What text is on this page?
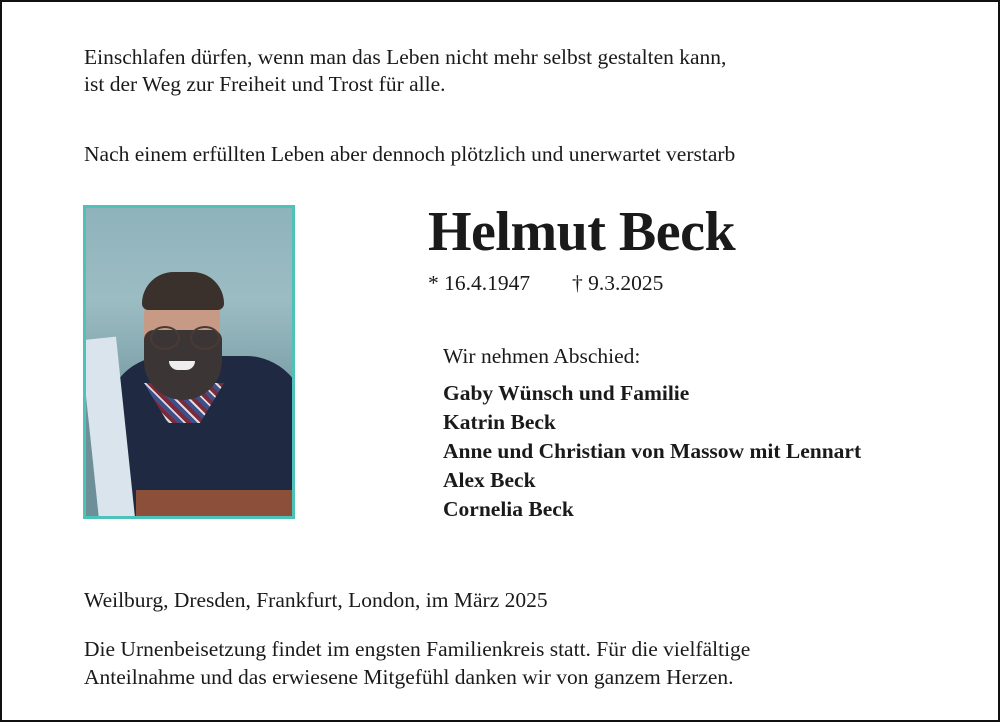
Einschlafen dürfen, wenn man das Leben nicht mehr selbst gestalten kann,
ist der Weg zur Freiheit und Trost für alle.
Nach einem erfüllten Leben aber dennoch plötzlich und unerwartet verstarb
Helmut Beck
* 16.4.1947 † 9.3.2025
Wir nehmen Abschied:
Gaby Wünsch und Familie
Katrin Beck
Anne und Christian von Massow mit Lennart
Alex Beck
Cornelia Beck
Weilburg, Dresden, Frankfurt, London, im März 2025
Die Urnenbeisetzung findet im engsten Familienkreis statt. Für die vielfältige
Anteilnahme und das erwiesene Mitgefühl danken wir von ganzem Herzen.
